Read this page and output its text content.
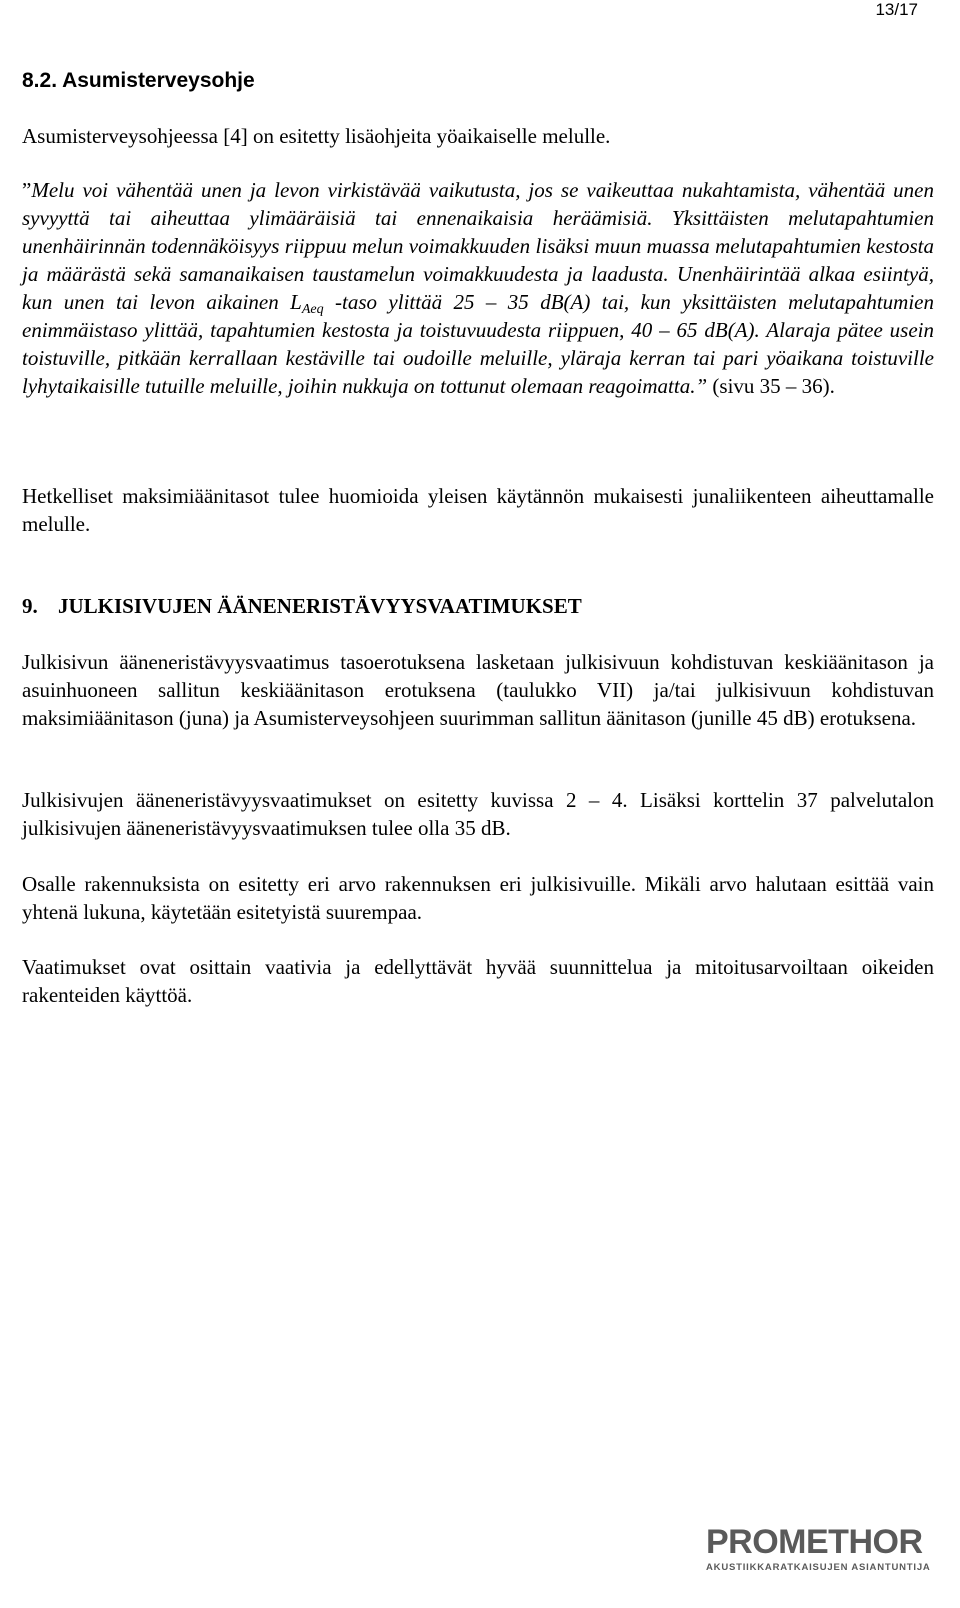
13/17
8.2. Asumisterveysohje

Asumisterveysohjeessa [4] on esitetty lisäohjeita yöaikaiselle melulle.

”Melu voi vähentää unen ja levon virkistävää vaikutusta, jos se vaikeuttaa nukahtamista, vähentää unen syvyyttä tai aiheuttaa ylimääräisiä tai ennenaikaisia heräämisiä. Yksittäisten melutapahtumien unenhäirinnän todennäköisyys riippuu melun voimakkuuden lisäksi muun muassa melutapahtumien kestosta ja määrästä sekä samanaikaisen taustamelun voimakkuudesta ja laadusta. Unenhäirintää alkaa esiintyä, kun unen tai levon aikainen $L_{Aeq}$ -taso ylittää 25 – 35 dB(A) tai, kun yksittäisten melutapahtumien enimmäistaso ylittää, tapahtumien kestosta ja toistuvuudesta riippuen, 40 – 65 dB(A). Alaraja pätee usein toistuville, pitkään kerrallaan kestäville tai oudoille meluille, yläraja kerran tai pari yöaikana toistuville lyhytaikaisille tutuille meluille, joihin nukkuja on tottunut olemaan reagoimatta.” (sivu 35 – 36).

Hetkelliset maksimiäänitasot tulee huomioida yleisen käytännön mukaisesti junaliikenteen aiheuttamalle melulle.

9. JULKISIVUJEN ÄÄNENERISTÄVYYSVAATIMUKSET

Julkisivun ääneneristävyysvaatimus tasoerotuksena lasketaan julkisivuun kohdistuvan keskiäänitason ja asuinhuoneen sallitun keskiäänitason erotuksena (taulukko VII) ja/tai julkisivuun kohdistuvan maksimiäänitason (juna) ja Asumisterveysohjeen suurimman sallitun äänitason (junille 45 dB) erotuksena.

Julkisivujen ääneneristävyysvaatimukset on esitetty kuvissa 2 – 4. Lisäksi korttelin 37 palvelutalon julkisivujen ääneneristävyysvaatimuksen tulee olla 35 dB.

Osalle rakennuksista on esitetty eri arvo rakennuksen eri julkisivuille. Mikäli arvo halutaan esittää vain yhtenä lukuna, käytetään esitetyistä suurempaa.

Vaatimukset ovat osittain vaativia ja edellyttävät hyvää suunnittelua ja mitoitusarvoiltaan oikeiden rakenteiden käyttöä.

PROMETHOR
AKUSTIIKKARATKAISUJEN ASIANTUNTIJA
